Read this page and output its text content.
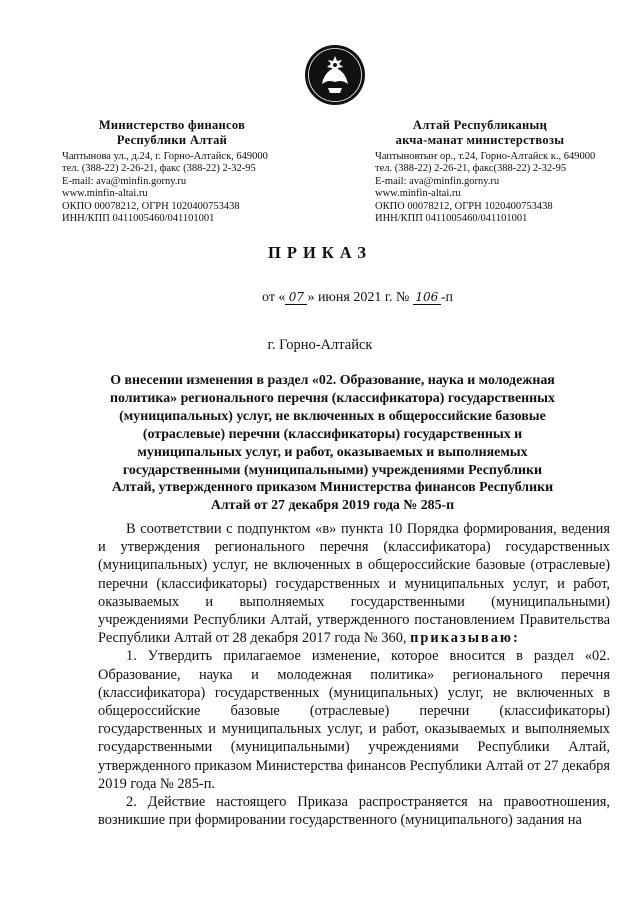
Министерство финансов
Республики Алтай
Чаптынова ул., д.24, г. Горно-Алтайск, 649000
тел. (388-22) 2-26-21, факс (388-22) 2-32-95
E-mail: ava@minfin.gorny.ru
www.minfin-altai.ru
ОКПО 00078212, ОГРН 1020400753438
ИНН/КПП 0411005460/041101001
Алтай Республиканың
акча-манат министерствозы
Чаптыновтыҥ ор., т.24, Горно-Алтайск к., 649000
тел. (388-22) 2-26-21, факс(388-22) 2-32-95
E-mail: ava@minfin.gorny.ru
www.minfin-altai.ru
ОКПО 00078212, ОГРН 1020400753438
ИНН/КПП 0411005460/041101001
ПРИКАЗ
от « 07 » июня 2021 г. № 106 -п
г. Горно-Алтайск
О внесении изменения в раздел «02. Образование, наука и молодежная политика» регионального перечня (классификатора) государственных (муниципальных) услуг, не включенных в общероссийские базовые (отраслевые) перечни (классификаторы) государственных и муниципальных услуг, и работ, оказываемых и выполняемых государственными (муниципальными) учреждениями Республики Алтай, утвержденного приказом Министерства финансов Республики Алтай от 27 декабря 2019 года № 285-п

В соответствии с подпунктом «в» пункта 10 Порядка формирования, ведения и утверждения регионального перечня (классификатора) государственных (муниципальных) услуг, не включенных в общероссийские базовые (отраслевые) перечни (классификаторы) государственных и муниципальных услуг, и работ, оказываемых и выполняемых государственными (муниципальными) учреждениями Республики Алтай, утвержденного постановлением Правительства Республики Алтай от 28 декабря 2017 года № 360, приказываю:

1. Утвердить прилагаемое изменение, которое вносится в раздел «02. Образование, наука и молодежная политика» регионального перечня (классификатора) государственных (муниципальных) услуг, не включенных в общероссийские базовые (отраслевые) перечни (классификаторы) государственных и муниципальных услуг, и работ, оказываемых и выполняемых государственными (муниципальными) учреждениями Республики Алтай, утвержденного приказом Министерства финансов Республики Алтай от 27 декабря 2019 года № 285-п.

2. Действие настоящего Приказа распространяется на правоотношения, возникшие при формировании государственного (муниципального) задания на
